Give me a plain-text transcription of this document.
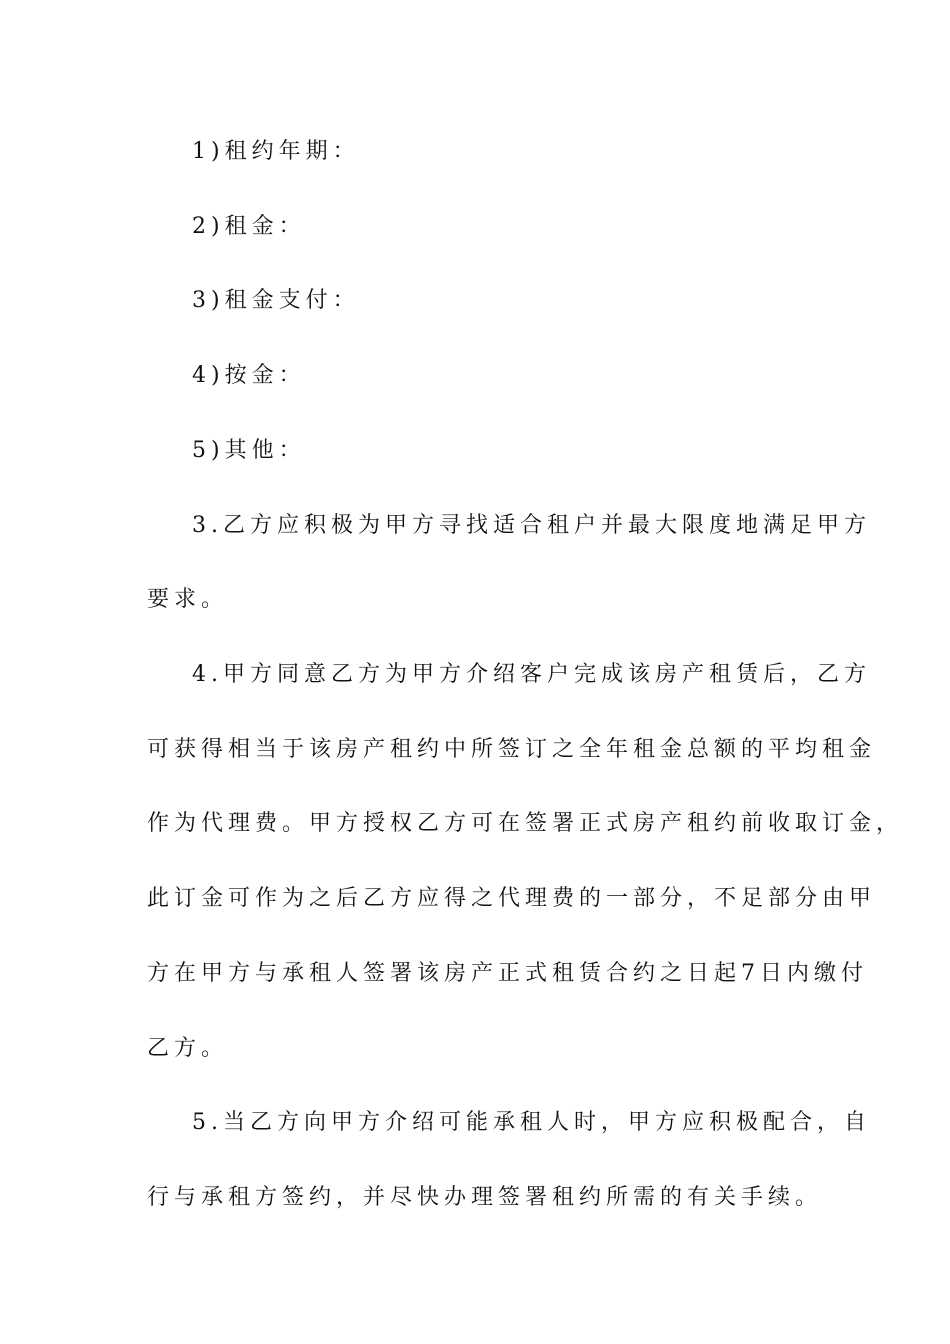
1)租约年期：
2)租金：
3)租金支付：
4)按金：
5)其他：
3.乙方应积极为甲方寻找适合租户并最大限度地满足甲方
要求。
4.甲方同意乙方为甲方介绍客户完成该房产租赁后，乙方
可获得相当于该房产租约中所签订之全年租金总额的平均租金
作为代理费。甲方授权乙方可在签署正式房产租约前收取订金，
此订金可作为之后乙方应得之代理费的一部分，不足部分由甲
方在甲方与承租人签署该房产正式租赁合约之日起7日内缴付
乙方。
5.当乙方向甲方介绍可能承租人时，甲方应积极配合，自
行与承租方签约，并尽快办理签署租约所需的有关手续。
